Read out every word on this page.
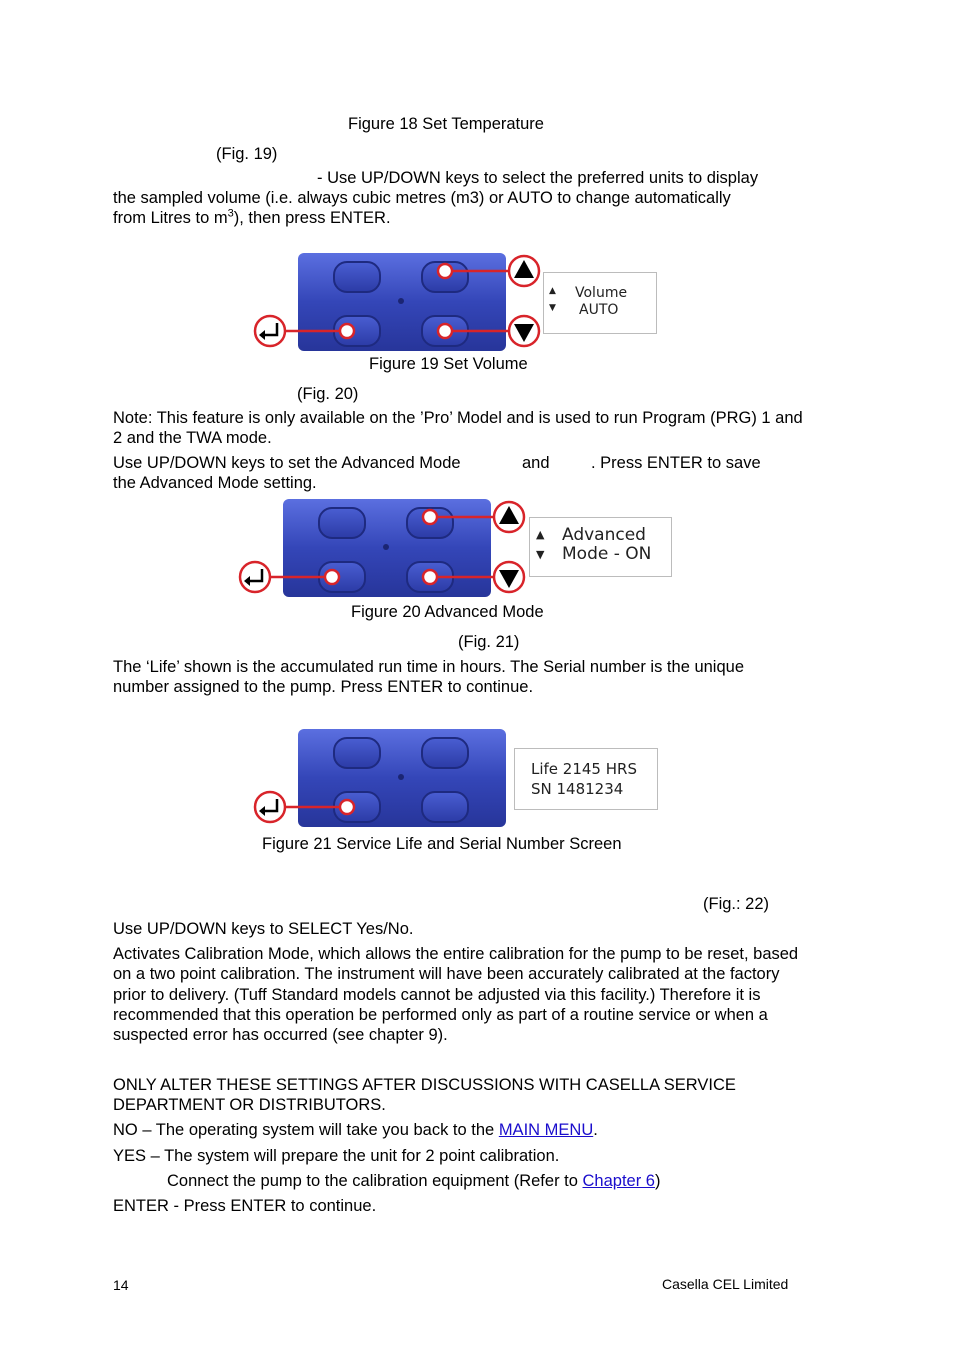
Figure 18 Set Temperature
(Fig. 19)
- Use UP/DOWN keys to select the preferred units to display
the sampled volume (i.e. always cubic metres (m3) or AUTO to change automatically
from Litres to $m^3$), then press ENTER.
▲
▼
Volume
AUTO
Figure 19 Set Volume
(Fig. 20)
Note: This feature is only available on the ’Pro’ Model and is used to run Program (PRG) 1 and 2 and the TWA mode.
Use UP/DOWN keys to set the Advanced Mode	and	. Press ENTER to save
the Advanced Mode setting.
▲
▼
Advanced
Mode - ON
Figure 20 Advanced Mode
(Fig. 21)
The ‘Life’ shown is the accumulated run time in hours. The Serial number is the unique number assigned to the pump. Press ENTER to continue.
Life 2145 HRS
SN 1481234
Figure 21 Service Life and Serial Number Screen
(Fig.: 22)
Use UP/DOWN keys to SELECT Yes/No.
Activates Calibration Mode, which allows the entire calibration for the pump to be reset, based on a two point calibration. The instrument will have been accurately calibrated at the factory prior to delivery. (Tuff Standard models cannot be adjusted via this facility.) Therefore it is recommended that this operation be performed only as part of a routine service or when a suspected error has occurred (see chapter 9).
ONLY ALTER THESE SETTINGS AFTER DISCUSSIONS WITH CASELLA SERVICE DEPARTMENT OR DISTRIBUTORS.
NO – The operating system will take you back to the MAIN MENU.
YES – The system will prepare the unit for 2 point calibration.
Connect the pump to the calibration equipment (Refer to Chapter 6)
ENTER - Press ENTER to continue.
14	Casella CEL Limited
